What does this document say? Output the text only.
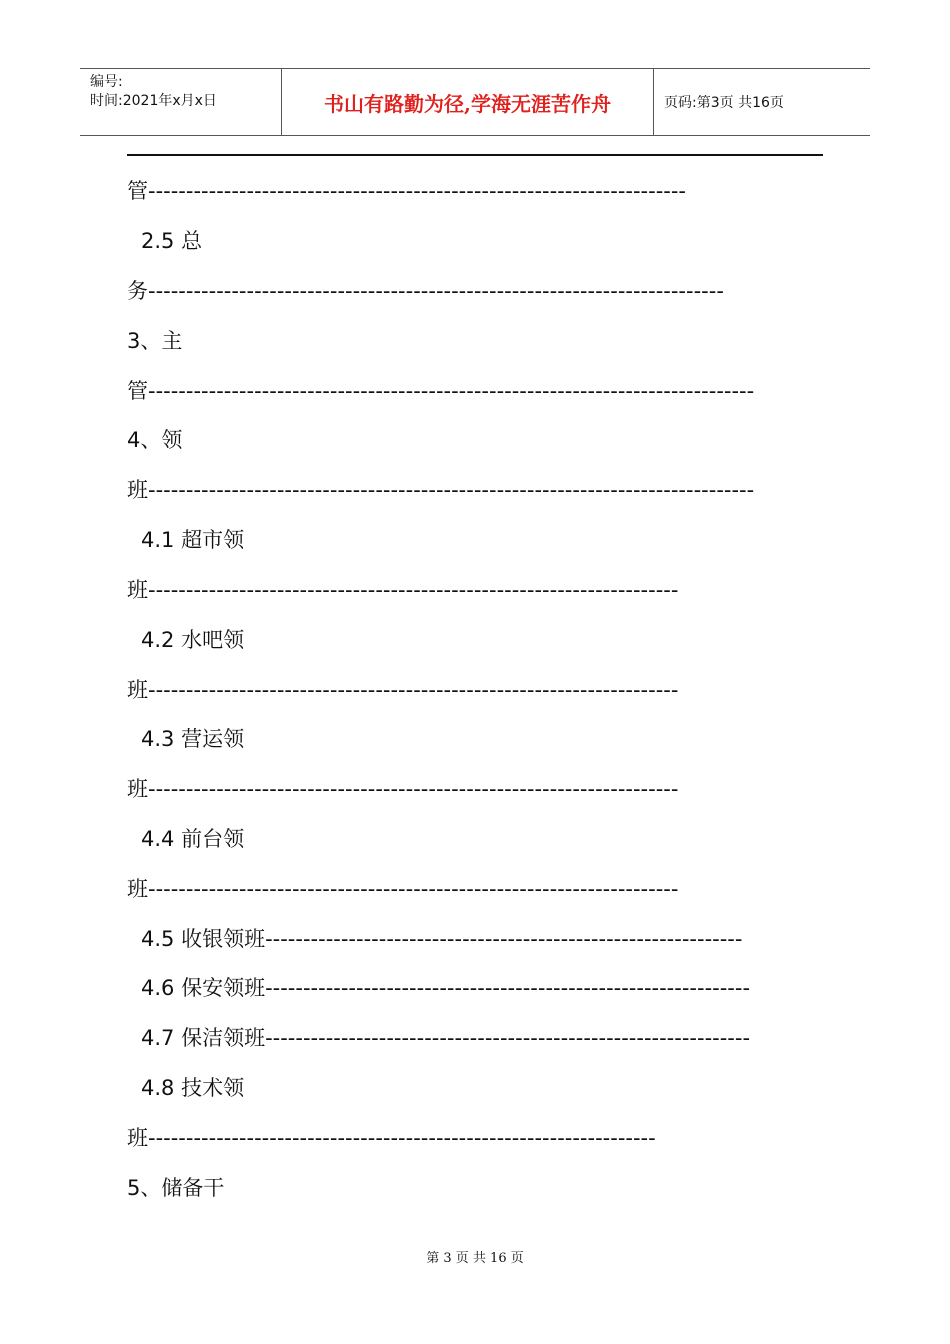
编号:
时间:2021年x月x日	书山有路勤为径,学海无涯苦作舟	页码:第3页 共16页
管-----------------------------------------------------------------------
2.5 总
务----------------------------------------------------------------------------
3、主
管--------------------------------------------------------------------------------
4、领
班--------------------------------------------------------------------------------
4.1 超市领
班----------------------------------------------------------------------
4.2 水吧领
班----------------------------------------------------------------------
4.3 营运领
班----------------------------------------------------------------------
4.4 前台领
班----------------------------------------------------------------------
4.5 收银领班---------------------------------------------------------------
4.6 保安领班----------------------------------------------------------------
4.7 保洁领班----------------------------------------------------------------
4.8 技术领
班-------------------------------------------------------------------
5、储备干
第 3 页 共 16 页
